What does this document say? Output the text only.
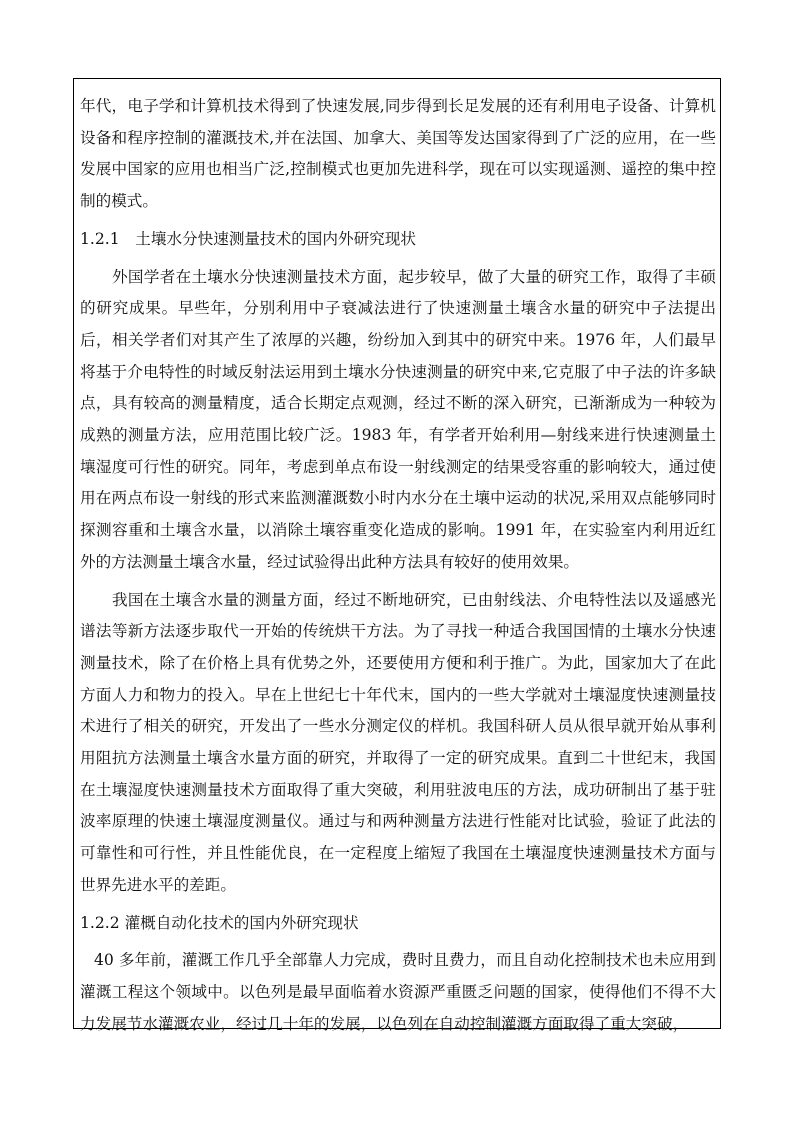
年代，电子学和计算机技术得到了快速发展,同步得到长足发展的还有利用电子设备、计算机设备和程序控制的灌溉技术,并在法国、加拿大、美国等发达国家得到了广泛的应用，在一些发展中国家的应用也相当广泛,控制模式也更加先进科学，现在可以实现遥测、遥控的集中控制的模式。

1.2.1　土壤水分快速测量技术的国内外研究现状

外国学者在土壤水分快速测量技术方面，起步较早，做了大量的研究工作，取得了丰硕的研究成果。早些年，分别利用中子衰减法进行了快速测量土壤含水量的研究中子法提出后，相关学者们对其产生了浓厚的兴趣，纷纷加入到其中的研究中来。1976 年，人们最早将基于介电特性的时域反射法运用到土壤水分快速测量的研究中来,它克服了中子法的许多缺点，具有较高的测量精度，适合长期定点观测，经过不断的深入研究，已渐渐成为一种较为成熟的测量方法，应用范围比较广泛。1983 年，有学者开始利用—射线来进行快速测量土壤湿度可行性的研究。同年，考虑到单点布设一射线测定的结果受容重的影响较大，通过使用在两点布设一射线的形式来监测灌溉数小时内水分在土壤中运动的状况,采用双点能够同时探测容重和土壤含水量，以消除土壤容重变化造成的影响。1991 年，在实验室内利用近红外的方法测量土壤含水量，经过试验得出此种方法具有较好的使用效果。

我国在土壤含水量的测量方面，经过不断地研究，已由射线法、介电特性法以及遥感光谱法等新方法逐步取代一开始的传统烘干方法。为了寻找一种适合我国国情的土壤水分快速测量技术，除了在价格上具有优势之外，还要使用方便和利于推广。为此，国家加大了在此方面人力和物力的投入。早在上世纪七十年代末，国内的一些大学就对土壤湿度快速测量技术进行了相关的研究，开发出了一些水分测定仪的样机。我国科研人员从很早就开始从事利用阻抗方法测量土壤含水量方面的研究，并取得了一定的研究成果。直到二十世纪末，我国在土壤湿度快速测量技术方面取得了重大突破，利用驻波电压的方法，成功研制出了基于驻波率原理的快速土壤湿度测量仪。通过与和两种测量方法进行性能对比试验，验证了此法的可靠性和可行性，并且性能优良，在一定程度上缩短了我国在土壤湿度快速测量技术方面与世界先进水平的差距。

1.2.2 灌概自动化技术的国内外研究现状

40 多年前，灌溉工作几乎全部靠人力完成，费时且费力，而且自动化控制技术也未应用到灌溉工程这个领域中。以色列是最早面临着水资源严重匮乏问题的国家，使得他们不得不大力发展节水灌溉农业，经过几十年的发展，以色列在自动控制灌溉方面取得了重大突破，
